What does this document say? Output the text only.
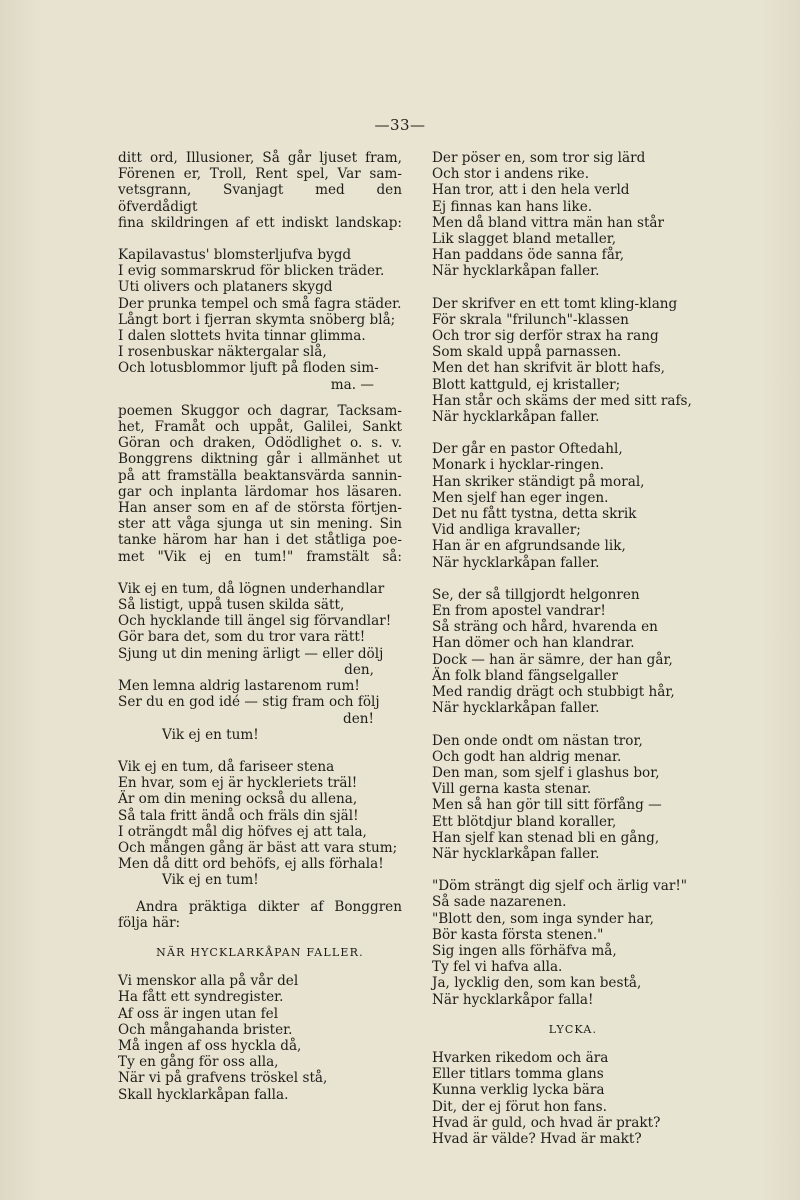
—33—
ditt ord, Illusioner, Så går ljuset fram,
Förenen er, Troll, Rent spel, Var sam-
vetsgrann, Svanjagt med den öfverdådigt
fina skildringen af ett indiskt landskap:
Kapilavastus' blomsterljufva bygd
I evig sommarskrud för blicken träder.
Uti olivers och plataners skygd
Der prunka tempel och små fagra städer.
Långt bort i fjerran skymta snöberg blå;
I dalen slottets hvita tinnar glimma.
I rosenbuskar näktergalar slå,
Och lotusblommor ljuft på floden sim-
ma. —
poemen Skuggor och dagrar, Tacksam-
het, Framåt och uppåt, Galilei, Sankt
Göran och draken, Odödlighet o. s. v.
Bonggrens diktning går i allmänhet ut
på att framställa beaktansvärda sannin-
gar och inplanta lärdomar hos läsaren.
Han anser som en af de största förtjen-
ster att våga sjunga ut sin mening. Sin
tanke härom har han i det ståtliga poe-
met "Vik ej en tum!" framstält så:
Vik ej en tum, då lögnen underhandlar
Så listigt, uppå tusen skilda sätt,
Och hycklande till ängel sig förvandlar!
Gör bara det, som du tror vara rätt!
Sjung ut din mening ärligt — eller dölj
den,
Men lemna aldrig lastarenom rum!
Ser du en god idé — stig fram och följ
den!
Vik ej en tum!
Vik ej en tum, då fariseer stena
En hvar, som ej är hyckleriets träl!
Är om din mening också du allena,
Så tala fritt ändå och fräls din själ!
I oträngdt mål dig höfves ej att tala,
Och mången gång är bäst att vara stum;
Men då ditt ord behöfs, ej alls förhala!
Vik ej en tum!
Andra präktiga dikter af Bonggren
följa här:
NÄR HYCKLARKÅPAN FALLER.
Vi menskor alla på vår del
Ha fått ett syndregister.
Af oss är ingen utan fel
Och mångahanda brister.
Må ingen af oss hyckla då,
Ty en gång för oss alla,
När vi på grafvens tröskel stå,
Skall hycklarkåpan falla.
Der pöser en, som tror sig lärd
Och stor i andens rike.
Han tror, att i den hela verld
Ej finnas kan hans like.
Men då bland vittra män han står
Lik slagget bland metaller,
Han paddans öde sanna får,
När hycklarkåpan faller.
Der skrifver en ett tomt kling-klang
För skrala "frilunch"-klassen
Och tror sig derför strax ha rang
Som skald uppå parnassen.
Men det han skrifvit är blott hafs,
Blott kattguld, ej kristaller;
Han står och skäms der med sitt rafs,
När hycklarkåpan faller.
Der går en pastor Oftedahl,
Monark i hycklar-ringen.
Han skriker ständigt på moral,
Men sjelf han eger ingen.
Det nu fått tystna, detta skrik
Vid andliga kravaller;
Han är en afgrundsande lik,
När hycklarkåpan faller.
Se, der så tillgjordt helgonren
En from apostel vandrar!
Så sträng och hård, hvarenda en
Han dömer och han klandrar.
Dock — han är sämre, der han går,
Än folk bland fängselgaller
Med randig drägt och stubbigt hår,
När hycklarkåpan faller.
Den onde ondt om nästan tror,
Och godt han aldrig menar.
Den man, som sjelf i glashus bor,
Vill gerna kasta stenar.
Men så han gör till sitt förfång —
Ett blötdjur bland koraller,
Han sjelf kan stenad bli en gång,
När hycklarkåpan faller.
"Döm strängt dig sjelf och ärlig var!"
Så sade nazarenen.
"Blott den, som inga synder har,
Bör kasta första stenen."
Sig ingen alls förhäfva må,
Ty fel vi hafva alla.
Ja, lycklig den, som kan bestå,
När hycklarkåpor falla!
LYCKA.
Hvarken rikedom och ära
Eller titlars tomma glans
Kunna verklig lycka bära
Dit, der ej förut hon fans.
Hvad är guld, och hvad är prakt?
Hvad är välde? Hvad är makt?
